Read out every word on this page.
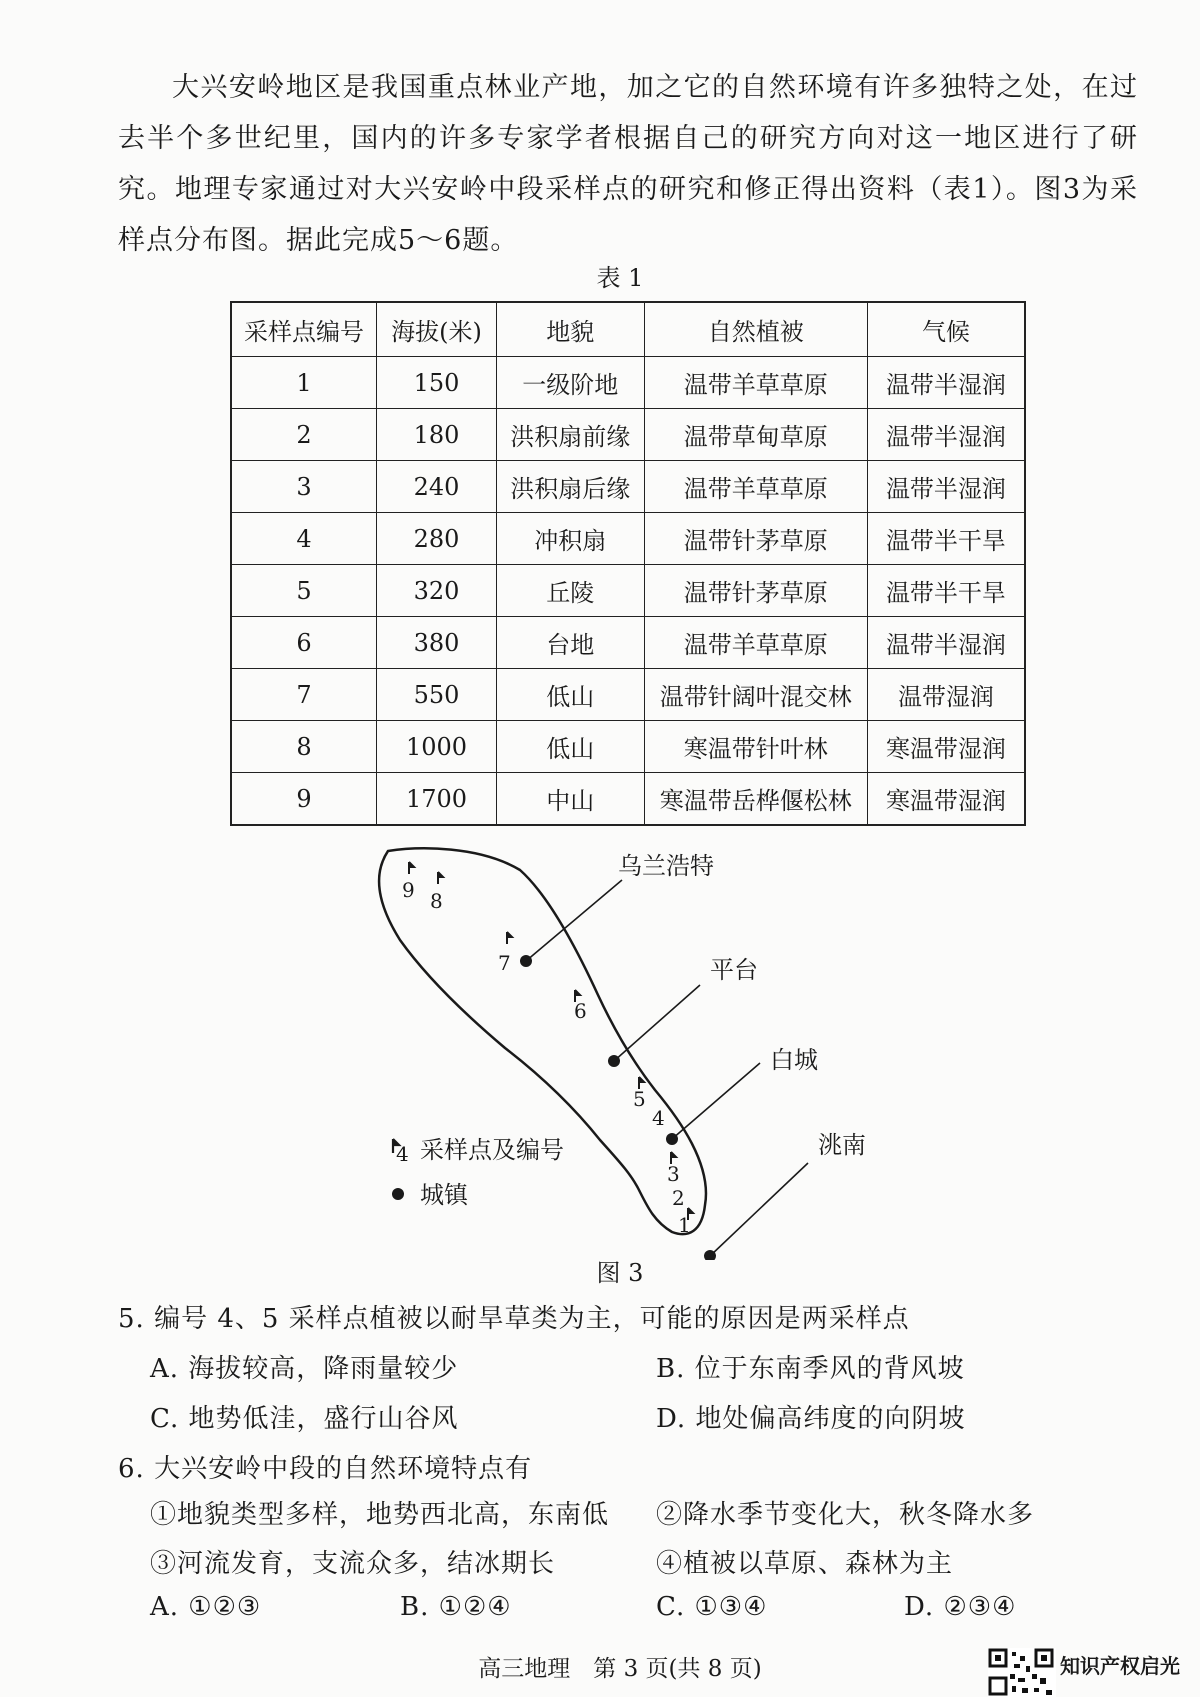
大兴安岭地区是我国重点林业产地，加之它的自然环境有许多独特之处，在过去半个多世纪里，国内的许多专家学者根据自己的研究方向对这一地区进行了研究。地理专家通过对大兴安岭中段采样点的研究和修正得出资料（表1）。图3为采样点分布图。据此完成5～6题。
表 1
采样点编号	海拔(米)	地貌	自然植被	气候
1	150	一级阶地	温带羊草草原	温带半湿润
2	180	洪积扇前缘	温带草甸草原	温带半湿润
3	240	洪积扇后缘	温带羊草草原	温带半湿润
4	280	冲积扇	温带针茅草原	温带半干旱
5	320	丘陵	温带针茅草原	温带半干旱
6	380	台地	温带羊草草原	温带半湿润
7	550	低山	温带针阔叶混交林	温带湿润
8	1000	低山	寒温带针叶林	寒温带湿润
9	1700	中山	寒温带岳桦偃松林	寒温带湿润
乌兰浩特
平台
白城
洮南
9 8
7
6
5
4
3
2
1
4 采样点及编号
城镇
图 3
5. 编号 4、5 采样点植被以耐旱草类为主，可能的原因是两采样点
A. 海拔较高，降雨量较少	B. 位于东南季风的背风坡
C. 地势低洼，盛行山谷风	D. 地处偏高纬度的向阴坡
6. 大兴安岭中段的自然环境特点有
①地貌类型多样，地势西北高，东南低 ②降水季节变化大，秋冬降水多
③河流发育，支流众多，结冰期长	④植被以草原、森林为主
A. ①②③	B. ①②④	C. ①③④	D. ②③④
高三地理　第 3 页(共 8 页)	知识产权启光
